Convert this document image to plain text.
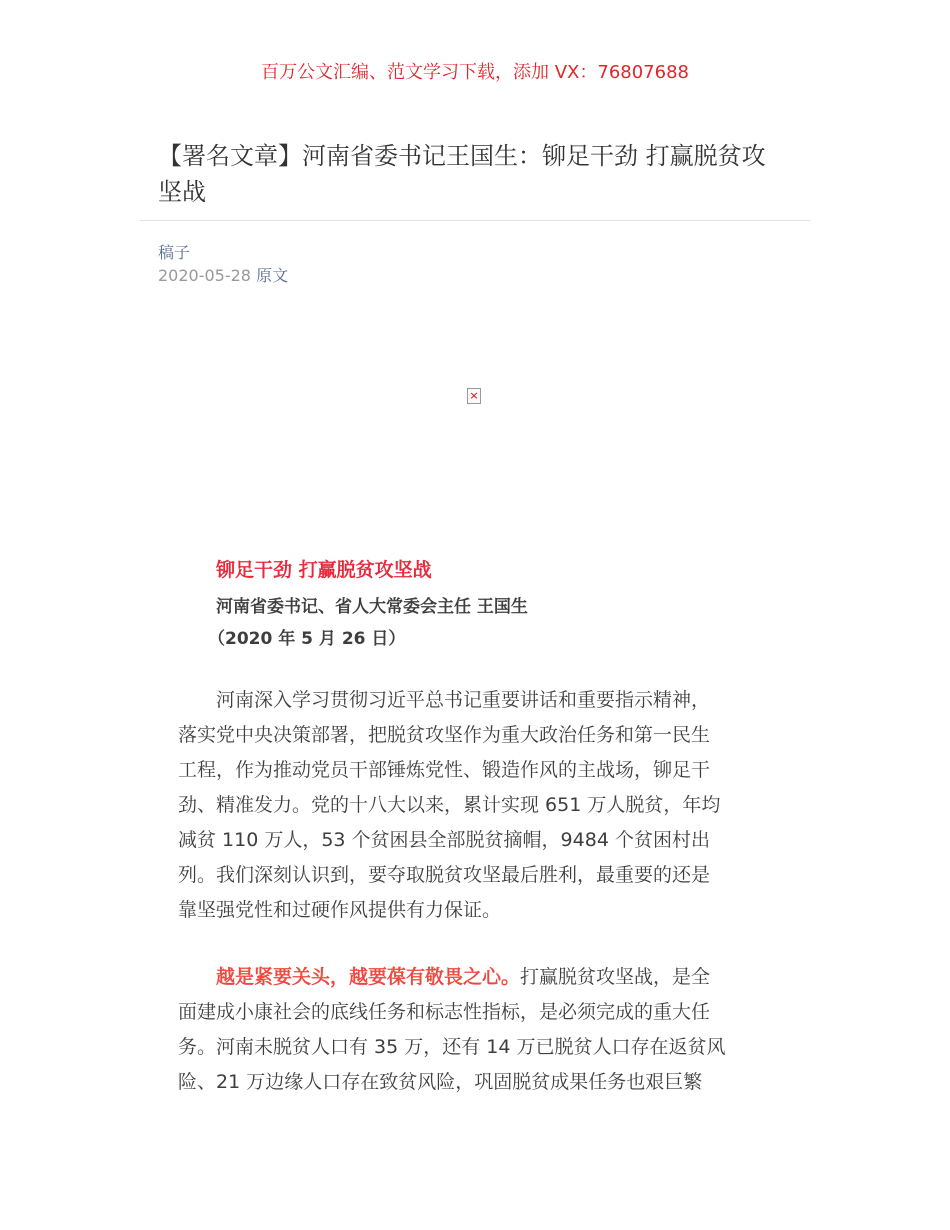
百万公文汇编、范文学习下载，添加 VX：76807688
【署名文章】河南省委书记王国生：铆足干劲 打赢脱贫攻坚战
稿子
2020-05-28 原文
×
铆足干劲 打赢脱贫攻坚战
河南省委书记、省人大常委会主任 王国生
（2020 年 5 月 26 日）
　　河南深入学习贯彻习近平总书记重要讲话和重要指示精神，
落实党中央决策部署，把脱贫攻坚作为重大政治任务和第一民生
工程，作为推动党员干部锤炼党性、锻造作风的主战场，铆足干
劲、精准发力。党的十八大以来，累计实现 651 万人脱贫，年均
减贫 110 万人，53 个贫困县全部脱贫摘帽，9484 个贫困村出
列。我们深刻认识到，要夺取脱贫攻坚最后胜利，最重要的还是
靠坚强党性和过硬作风提供有力保证。
　　越是紧要关头，越要葆有敬畏之心。打赢脱贫攻坚战，是全
面建成小康社会的底线任务和标志性指标，是必须完成的重大任
务。河南未脱贫人口有 35 万，还有 14 万已脱贫人口存在返贫风
险、21 万边缘人口存在致贫风险，巩固脱贫成果任务也艰巨繁
